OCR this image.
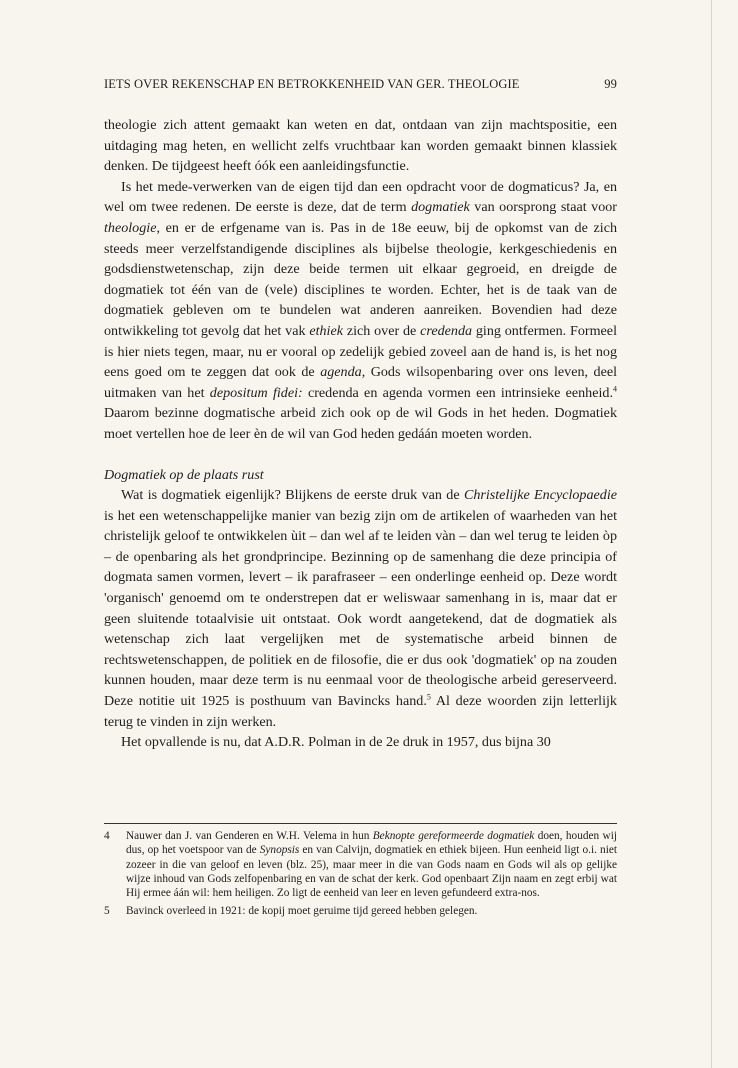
IETS OVER REKENSCHAP EN BETROKKENHEID VAN GER. THEOLOGIE	99

theologie zich attent gemaakt kan weten en dat, ontdaan van zijn machtspositie, een uitdaging mag heten, en wellicht zelfs vruchtbaar kan worden gemaakt binnen klassiek denken. De tijdgeest heeft óók een aanleidingsfunctie.

Is het mede-verwerken van de eigen tijd dan een opdracht voor de dogmaticus? Ja, en wel om twee redenen. De eerste is deze, dat de term dogmatiek van oorsprong staat voor theologie, en er de erfgename van is. Pas in de 18e eeuw, bij de opkomst van de zich steeds meer verzelfstandigende disciplines als bijbelse theologie, kerkgeschiedenis en godsdienstwetenschap, zijn deze beide termen uit elkaar gegroeid, en dreigde de dogmatiek tot één van de (vele) disciplines te worden. Echter, het is de taak van de dogmatiek gebleven om te bundelen wat anderen aanreiken. Bovendien had deze ontwikkeling tot gevolg dat het vak ethiek zich over de credenda ging ontfermen. Formeel is hier niets tegen, maar, nu er vooral op zedelijk gebied zoveel aan de hand is, is het nog eens goed om te zeggen dat ook de agenda, Gods wilsopenbaring over ons leven, deel uitmaken van het depositum fidei: credenda en agenda vormen een intrinsieke eenheid.$^4$ Daarom bezinne dogmatische arbeid zich ook op de wil Gods in het heden. Dogmatiek moet vertellen hoe de leer èn de wil van God heden gedáán moeten worden.

Dogmatiek op de plaats rust

Wat is dogmatiek eigenlijk? Blijkens de eerste druk van de Christelijke Encyclopaedie is het een wetenschappelijke manier van bezig zijn om de artikelen of waarheden van het christelijk geloof te ontwikkelen ùit – dan wel af te leiden vàn – dan wel terug te leiden òp – de openbaring als het grondprincipe. Bezinning op de samenhang die deze principia of dogmata samen vormen, levert – ik parafraseer – een onderlinge eenheid op. Deze wordt 'organisch' genoemd om te onderstrepen dat er weliswaar samenhang in is, maar dat er geen sluitende totaalvisie uit ontstaat. Ook wordt aangetekend, dat de dogmatiek als wetenschap zich laat vergelijken met de systematische arbeid binnen de rechtswetenschappen, de politiek en de filosofie, die er dus ook 'dogmatiek' op na zouden kunnen houden, maar deze term is nu eenmaal voor de theologische arbeid gereserveerd. Deze notitie uit 1925 is posthuum van Bavincks hand.$^5$ Al deze woorden zijn letterlijk terug te vinden in zijn werken.

Het opvallende is nu, dat A.D.R. Polman in de 2e druk in 1957, dus bijna 30

4	Nauwer dan J. van Genderen en W.H. Velema in hun Beknopte gereformeerde dogmatiek doen, houden wij dus, op het voetspoor van de Synopsis en van Calvijn, dogmatiek en ethiek bijeen. Hun eenheid ligt o.i. niet zozeer in die van geloof en leven (blz. 25), maar meer in die van Gods naam en Gods wil als op gelijke wijze inhoud van Gods zelfopenbaring en van de schat der kerk. God openbaart Zijn naam en zegt erbij wat Hij ermee áán wil: hem heiligen. Zo ligt de eenheid van leer en leven gefundeerd extra-nos.
5	Bavinck overleed in 1921: de kopij moet geruime tijd gereed hebben gelegen.
